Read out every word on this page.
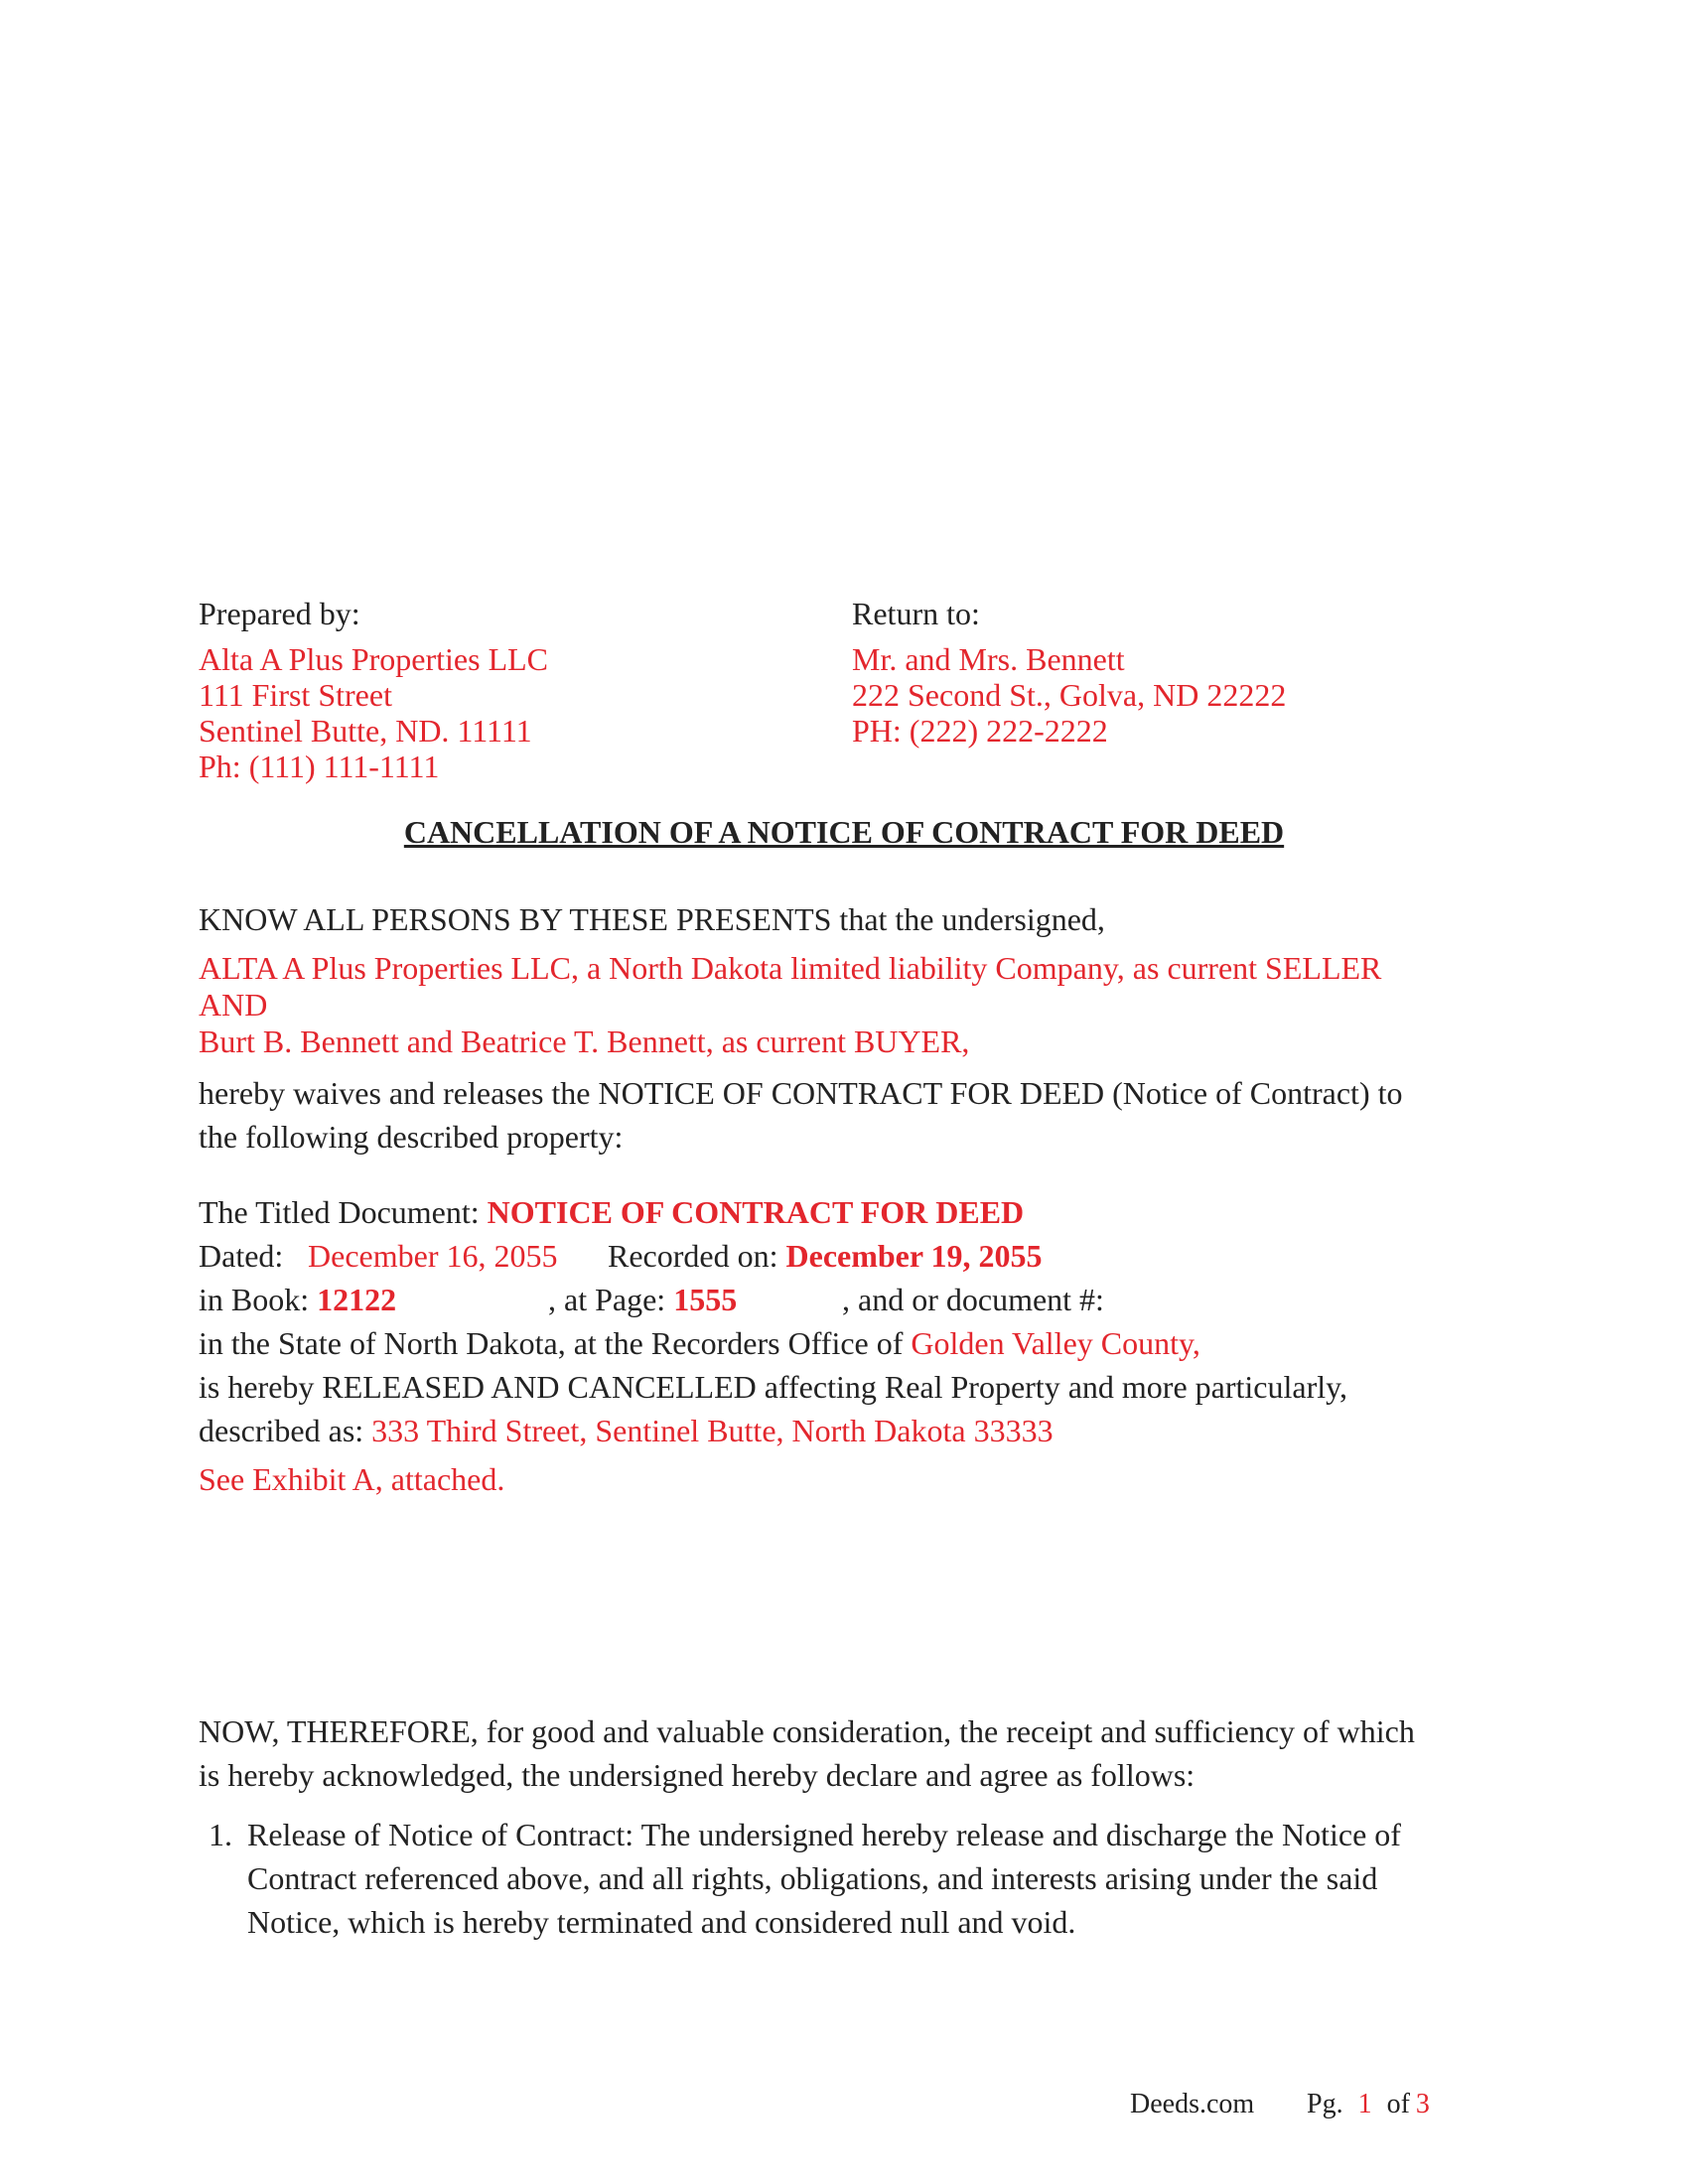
Prepared by:
Alta A Plus Properties LLC
111 First Street
Sentinel Butte, ND. 11111
Ph: (111) 111-1111
Return to:
Mr. and Mrs. Bennett
222 Second St., Golva, ND 22222
PH: (222) 222-2222
CANCELLATION OF A NOTICE OF CONTRACT FOR DEED
KNOW ALL PERSONS BY THESE PRESENTS that the undersigned,
ALTA A Plus Properties LLC, a North Dakota limited liability Company, as current SELLER
AND
Burt B. Bennett and Beatrice T. Bennett, as current BUYER,
hereby waives and releases the NOTICE OF CONTRACT FOR DEED (Notice of Contract) to
the following described property:
The Titled Document: NOTICE OF CONTRACT FOR DEED
Dated: December 16, 2055 Recorded on: December 19, 2055
in Book: 12122	, at Page: 1555	, and or document #:
in the State of North Dakota, at the Recorders Office of Golden Valley County,
is hereby RELEASED AND CANCELLED affecting Real Property and more particularly,
described as: 333 Third Street, Sentinel Butte, North Dakota 33333
See Exhibit A, attached.
NOW, THEREFORE, for good and valuable consideration, the receipt and sufficiency of which
is hereby acknowledged, the undersigned hereby declare and agree as follows:
1. Release of Notice of Contract: The undersigned hereby release and discharge the Notice of
Contract referenced above, and all rights, obligations, and interests arising under the said
Notice, which is hereby terminated and considered null and void.
Deeds.com Pg. 1 of 3
